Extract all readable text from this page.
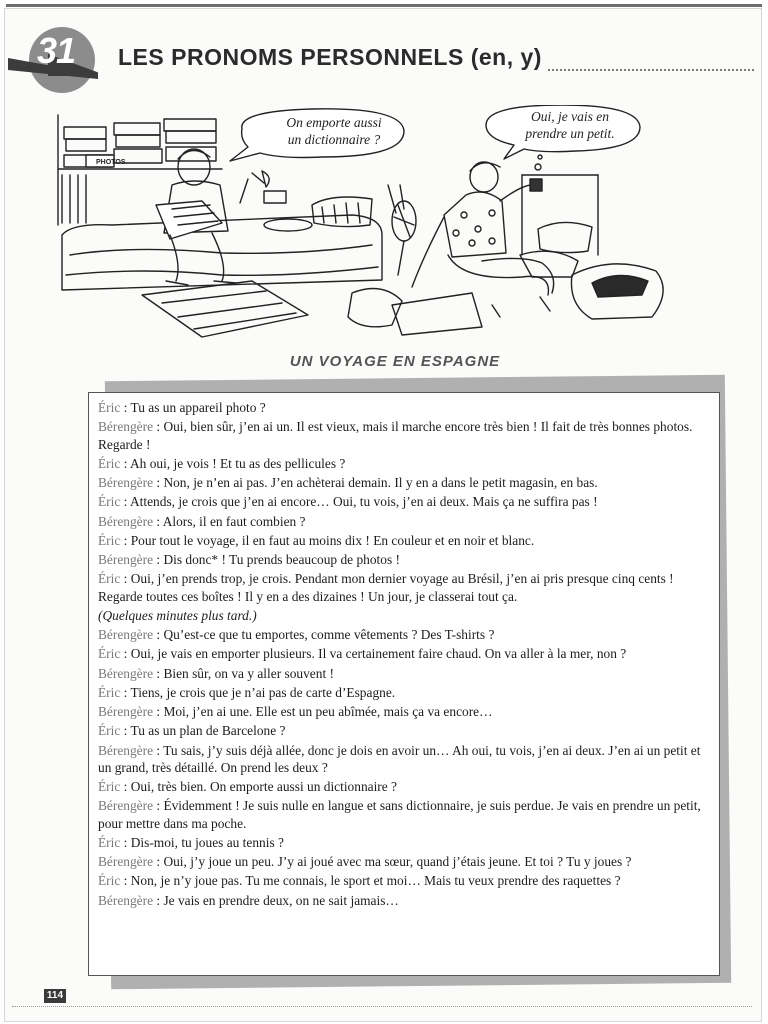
31	LES PRONOMS PERSONNELS (en, y)
PHOTOS
On emporte aussi
un dictionnaire ?
Oui, je vais en
prendre un petit.
UN VOYAGE EN ESPAGNE
Éric : Tu as un appareil photo ?
Bérengère : Oui, bien sûr, j’en ai un. Il est vieux, mais il marche encore très bien ! Il fait de très bonnes photos. Regarde !
Éric : Ah oui, je vois ! Et tu as des pellicules ?
Bérengère : Non, je n’en ai pas. J’en achèterai demain. Il y en a dans le petit magasin, en bas.
Éric : Attends, je crois que j’en ai encore… Oui, tu vois, j’en ai deux. Mais ça ne suffira pas !
Bérengère : Alors, il en faut combien ?
Éric : Pour tout le voyage, il en faut au moins dix ! En couleur et en noir et blanc.
Bérengère : Dis donc* ! Tu prends beaucoup de photos !
Éric : Oui, j’en prends trop, je crois. Pendant mon dernier voyage au Brésil, j’en ai pris presque cinq cents ! Regarde toutes ces boîtes ! Il y en a des dizaines ! Un jour, je classerai tout ça.
(Quelques minutes plus tard.)
Bérengère : Qu’est-ce que tu emportes, comme vêtements ? Des T-shirts ?
Éric : Oui, je vais en emporter plusieurs. Il va certainement faire chaud. On va aller à la mer, non ?
Bérengère : Bien sûr, on va y aller souvent !
Éric : Tiens, je crois que je n’ai pas de carte d’Espagne.
Bérengère : Moi, j’en ai une. Elle est un peu abîmée, mais ça va encore…
Éric : Tu as un plan de Barcelone ?
Bérengère : Tu sais, j’y suis déjà allée, donc je dois en avoir un… Ah oui, tu vois, j’en ai deux. J’en ai un petit et un grand, très détaillé. On prend les deux ?
Éric : Oui, très bien. On emporte aussi un dictionnaire ?
Bérengère : Évidemment ! Je suis nulle en langue et sans dictionnaire, je suis perdue. Je vais en prendre un petit, pour mettre dans ma poche.
Éric : Dis-moi, tu joues au tennis ?
Bérengère : Oui, j’y joue un peu. J’y ai joué avec ma sœur, quand j’étais jeune. Et toi ? Tu y joues ?
Éric : Non, je n’y joue pas. Tu me connais, le sport et moi… Mais tu veux prendre des raquettes ?
Bérengère : Je vais en prendre deux, on ne sait jamais…
114
